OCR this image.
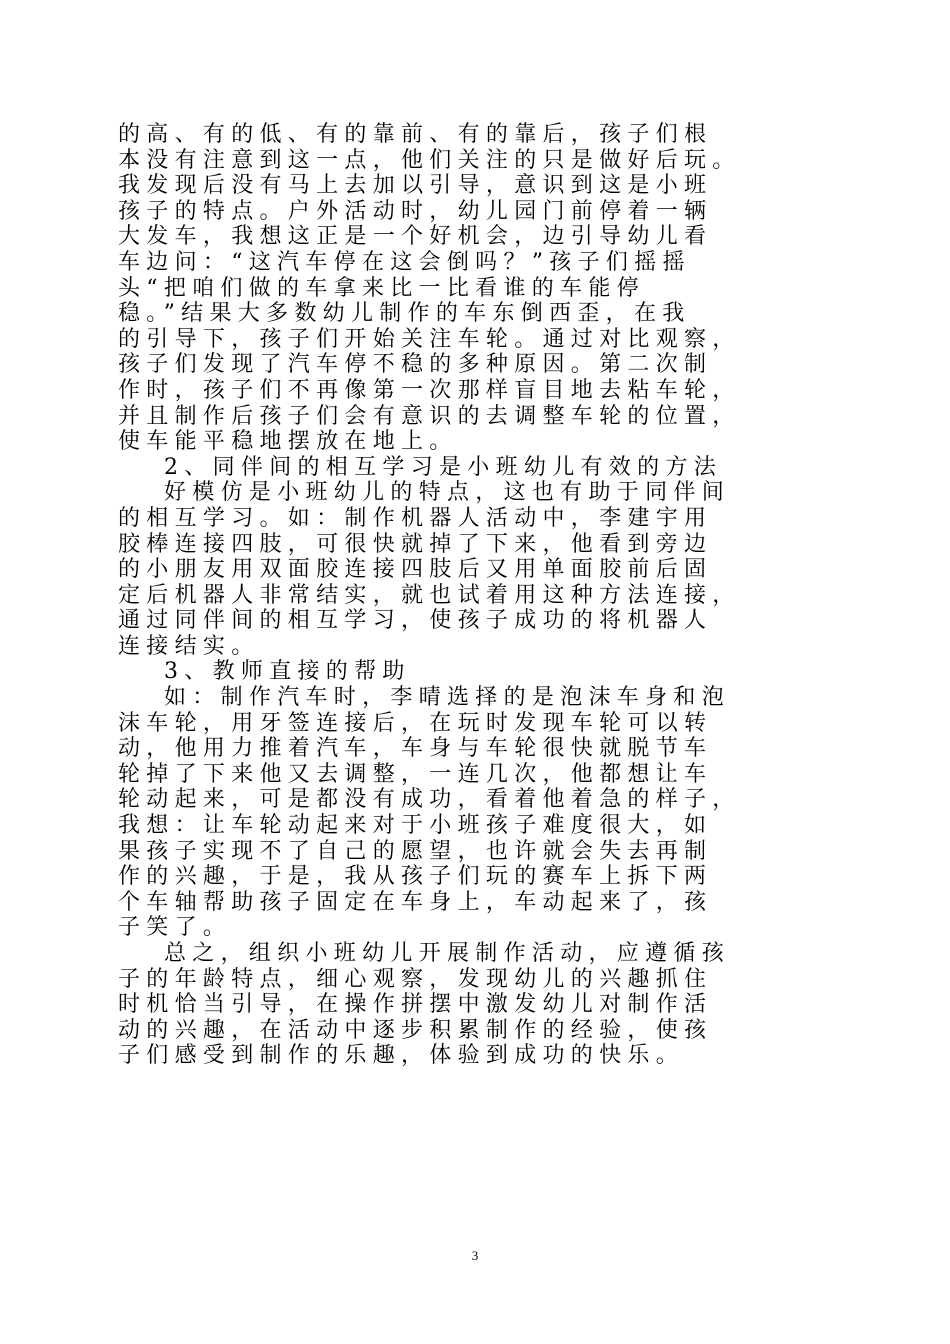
的高、有的低、有的靠前、有的靠后，孩子们根
本没有注意到这一点，他们关注的只是做好后玩。
我发现后没有马上去加以引导，意识到这是小班
孩子的特点。户外活动时，幼儿园门前停着一辆
大发车，我想这正是一个好机会，边引导幼儿看
车边问：“这汽车停在这会倒吗？”孩子们摇摇
头“把咱们做的车拿来比一比看谁的车能停
稳。”结果大多数幼儿制作的车东倒西歪，在我
的引导下，孩子们开始关注车轮。通过对比观察，
孩子们发现了汽车停不稳的多种原因。第二次制
作时，孩子们不再像第一次那样盲目地去粘车轮，
并且制作后孩子们会有意识的去调整车轮的位置，
使车能平稳地摆放在地上。
2、同伴间的相互学习是小班幼儿有效的方法
好模仿是小班幼儿的特点，这也有助于同伴间
的相互学习。如：制作机器人活动中，李建宇用
胶棒连接四肢，可很快就掉了下来，他看到旁边
的小朋友用双面胶连接四肢后又用单面胶前后固
定后机器人非常结实，就也试着用这种方法连接，
通过同伴间的相互学习，使孩子成功的将机器人
连接结实。
3、教师直接的帮助
如：制作汽车时，李晴选择的是泡沫车身和泡
沫车轮，用牙签连接后，在玩时发现车轮可以转
动，他用力推着汽车，车身与车轮很快就脱节车
轮掉了下来他又去调整，一连几次，他都想让车
轮动起来，可是都没有成功，看着他着急的样子，
我想：让车轮动起来对于小班孩子难度很大，如
果孩子实现不了自己的愿望，也许就会失去再制
作的兴趣，于是，我从孩子们玩的赛车上拆下两
个车轴帮助孩子固定在车身上，车动起来了，孩
子笑了。
总之，组织小班幼儿开展制作活动，应遵循孩
子的年龄特点，细心观察，发现幼儿的兴趣抓住
时机恰当引导，在操作拼摆中激发幼儿对制作活
动的兴趣，在活动中逐步积累制作的经验，使孩
子们感受到制作的乐趣，体验到成功的快乐。
3
